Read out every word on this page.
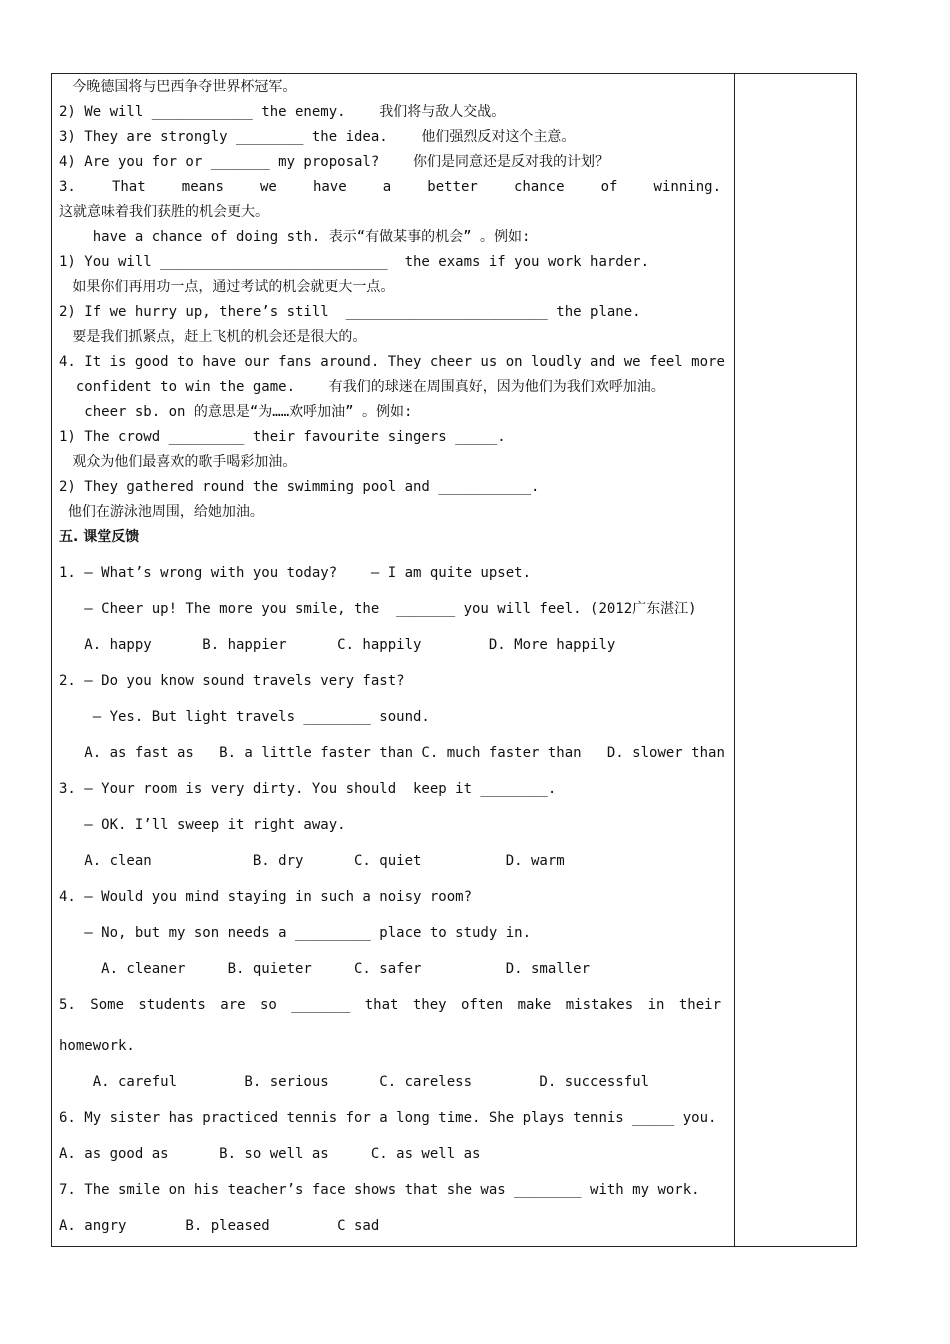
今晚德国将与巴西争夺世界杯冠军。
2) We will ____________ the enemy.    我们将与敌人交战。
3) They are strongly ________ the idea.    他们强烈反对这个主意。
4) Are you for or _______ my proposal?    你们是同意还是反对我的计划？
3. That means we have a better chance of winning.
这就意味着我们获胜的机会更大。
have a chance of doing sth. 表示“有做某事的机会” 。例如:
1) You will ___________________________  the exams if you work harder.
如果你们再用功一点，通过考试的机会就更大一点。
2) If we hurry up, there’s still  ________________________ the plane.
要是我们抓紧点，赶上飞机的机会还是很大的。
4. It is good to have our fans around. They cheer us on loudly and we feel more
confident to win the game.    有我们的球迷在周围真好，因为他们为我们欢呼加油。
cheer sb. on 的意思是“为……欢呼加油” 。例如:
1) The crowd _________ their favourite singers _____.
观众为他们最喜欢的歌手喝彩加油。
2) They gathered round the swimming pool and ___________.
他们在游泳池周围，给她加油。
五. 课堂反馈
1. — What’s wrong with you today?    — I am quite upset.
— Cheer up! The more you smile, the  _______ you will feel. (2012广东湛江)
A. happy      B. happier      C. happily        D. More happily
2. — Do you know sound travels very fast?
— Yes. But light travels ________ sound.
A. as fast as   B. a little faster than C. much faster than   D. slower than
3. — Your room is very dirty. You should  keep it ________.
— OK. I’ll sweep it right away.
A. clean            B. dry      C. quiet          D. warm
4. — Would you mind staying in such a noisy room?
— No, but my son needs a _________ place to study in.
A. cleaner     B. quieter     C. safer          D. smaller
5. Some students are so _______ that they often make mistakes in their
homework.
A. careful        B. serious      C. careless        D. successful
6. My sister has practiced tennis for a long time. She plays tennis _____ you.
A. as good as      B. so well as     C. as well as
7. The smile on his teacher’s face shows that she was ________ with my work.
A. angry       B. pleased        C sad
